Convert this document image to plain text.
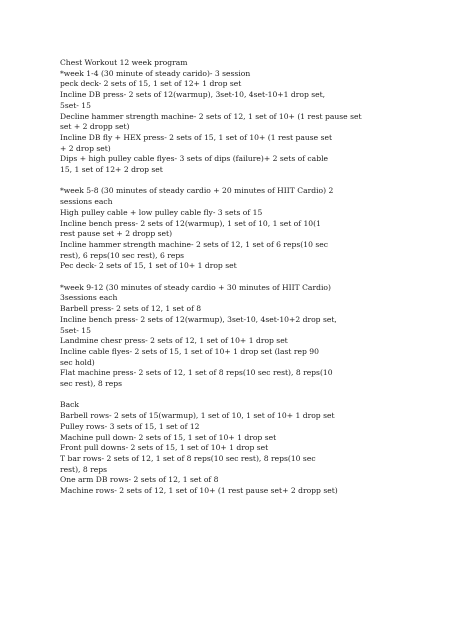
Chest Workout 12 week program
*week 1-4 (30 minute of steady carido)- 3 session
peck deck- 2 sets of 15, 1 set of 12+ 1 drop set
Incline DB press- 2 sets of 12(warmup), 3set-10, 4set-10+1 drop set,
5set- 15
Decline hammer strength machine- 2 sets of 12, 1 set of 10+ (1 rest pause set
set + 2 dropp set)
Incline DB fly + HEX press- 2 sets of 15, 1 set of 10+ (1 rest pause set
+ 2 drop set)
Dips + high pulley cable flyes- 3 sets of dips (failure)+ 2 sets of cable
15, 1 set of 12+ 2 drop set
*week 5-8 (30 minutes of steady cardio + 20 minutes of HIIT Cardio) 2
sessions each
High pulley cable + low pulley cable fly- 3 sets of 15
Incline bench press- 2 sets of 12(warmup), 1 set of 10, 1 set of 10(1
rest pause set + 2 dropp set)
Incline hammer strength machine- 2 sets of 12, 1 set of 6 reps(10 sec
rest), 6 reps(10 sec rest), 6 reps
Pec deck- 2 sets of 15, 1 set of 10+ 1 drop set
*week 9-12 (30 minutes of steady cardio + 30 minutes of HIIT Cardio)
3sessions each
Barbell press- 2 sets of 12, 1 set of 8
Incline bench press- 2 sets of 12(warmup), 3set-10, 4set-10+2 drop set,
5set- 15
Landmine chesr press- 2 sets of 12, 1 set of 10+ 1 drop set
Incline cable flyes- 2 sets of 15, 1 set of 10+ 1 drop set (last rep 90
sec hold)
Flat machine press- 2 sets of 12, 1 set of 8 reps(10 sec rest), 8 reps(10
sec rest), 8 reps
Back
Barbell rows- 2 sets of 15(warmup), 1 set of 10, 1 set of 10+ 1 drop set
Pulley rows- 3 sets of 15, 1 set of 12
Machine pull down- 2 sets of 15, 1 set of 10+ 1 drop set
Front pull downs- 2 sets of 15, 1 set of 10+ 1 drop set
T bar rows- 2 sets of 12, 1 set of 8 reps(10 sec rest), 8 reps(10 sec
rest), 8 reps
One arm DB rows- 2 sets of 12, 1 set of 8
Machine rows- 2 sets of 12, 1 set of 10+ (1 rest pause set+ 2 dropp set)
